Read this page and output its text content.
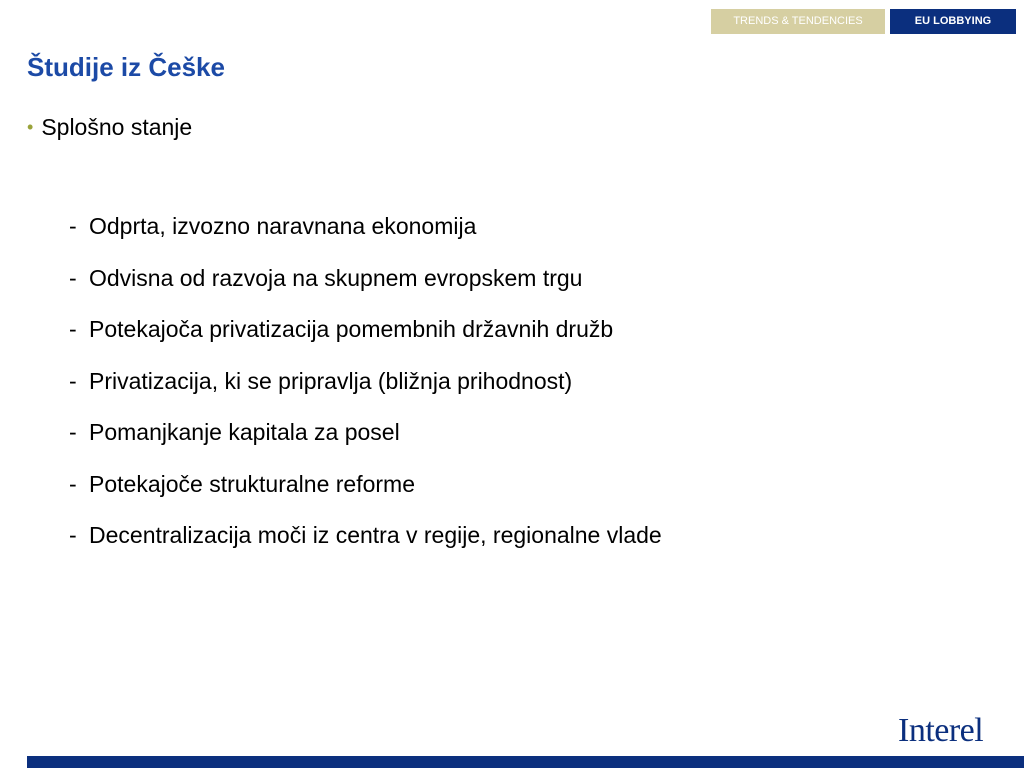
TRENDS & TENDENCIES	EU LOBBYING
Študije iz Češke
• Splošno stanje
- Odprta, izvozno naravnana ekonomija
- Odvisna od razvoja na skupnem evropskem trgu
- Potekajoča privatizacija pomembnih državnih družb
- Privatizacija, ki se pripravlja (bližnja prihodnost)
- Pomanjkanje kapitala za posel
- Potekajoče strukturalne reforme
- Decentralizacija moči iz centra v regije, regionalne vlade
Interel
